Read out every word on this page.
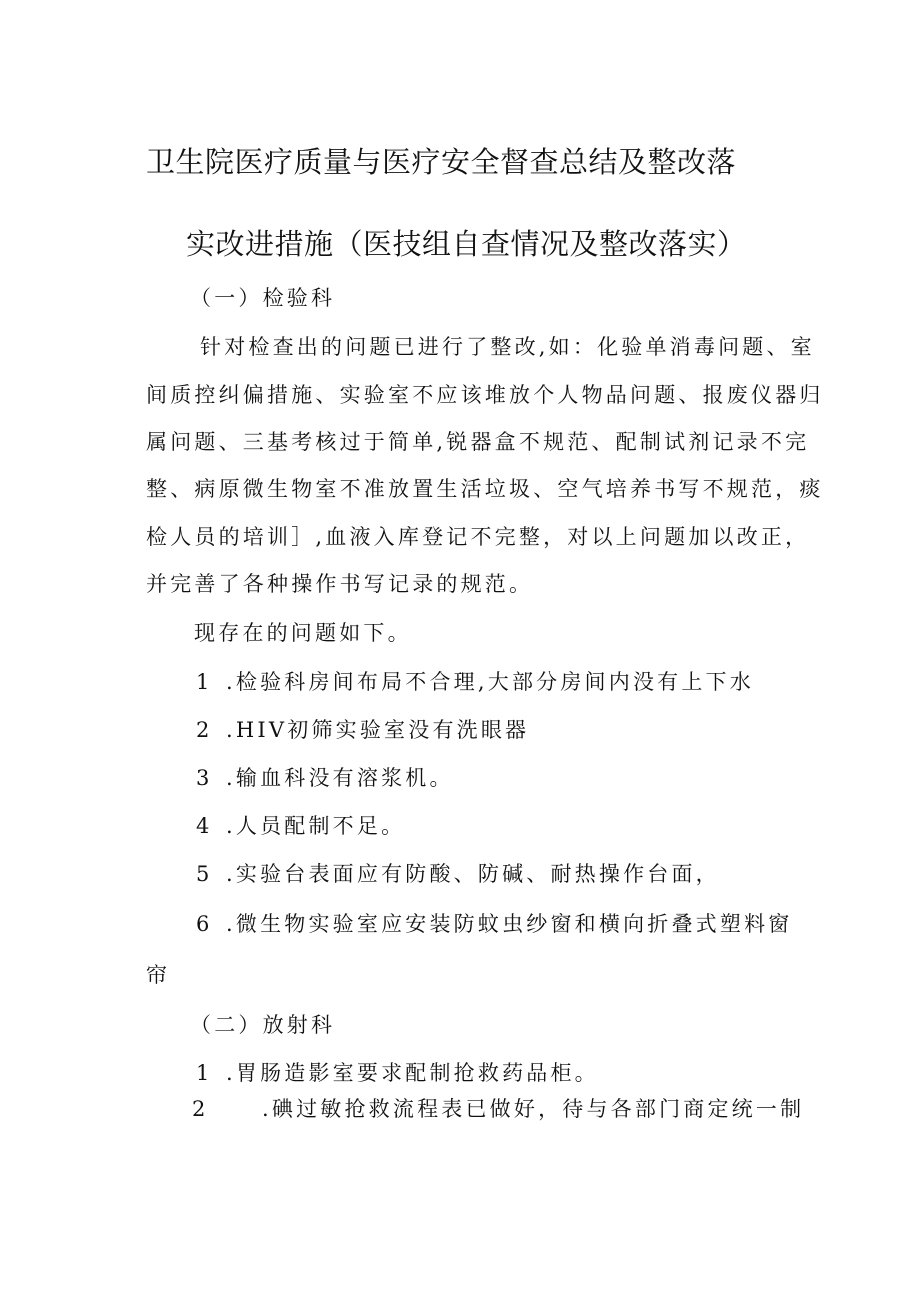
卫生院医疗质量与医疗安全督查总结及整改落
实改进措施（医技组自查情况及整改落实）

（一）检验科

针对检查出的问题已进行了整改,如：化验单消毒问题、室

间质控纠偏措施、实验室不应该堆放个人物品问题、报废仪器归

属问题、三基考核过于简单,锐器盒不规范、配制试剂记录不完

整、病原微生物室不准放置生活垃圾、空气培养书写不规范，痰

检人员的培训］,血液入库登记不完整，对以上问题加以改正，

并完善了各种操作书写记录的规范。

现存在的问题如下。

1 .检验科房间布局不合理,大部分房间内没有上下水

2 .HIV初筛实验室没有洗眼器

3 .输血科没有溶浆机。

4 .人员配制不足。

5 .实验台表面应有防酸、防碱、耐热操作台面，

6 .微生物实验室应安装防蚊虫纱窗和横向折叠式塑料窗

帘

（二）放射科

1 .胃肠造影室要求配制抢救药品柜。

2	.碘过敏抢救流程表已做好，待与各部门商定统一制
